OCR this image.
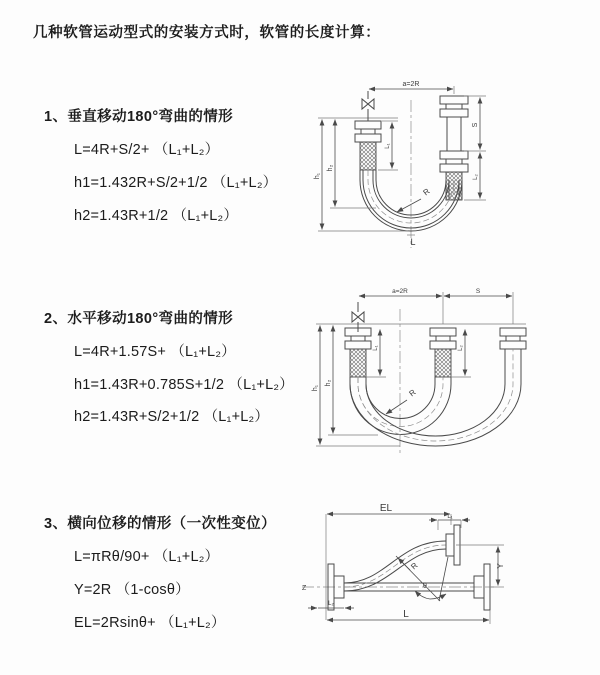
几种软管运动型式的安装方式时，软管的长度计算：
1、垂直移动180°弯曲的情形
L=4R+S/2+ （L₁+L₂）
h1=1.432R+S/2+1/2 （L₁+L₂）
h2=1.43R+1/2 （L₁+L₂）
a=2R
h₁
h₂
L₁
S
L₂
R
L
2、水平移动180°弯曲的情形
L=4R+1.57S+ （L₁+L₂）
h1=1.43R+0.785S+1/2 （L₁+L₂）
h2=1.43R+S/2+1/2 （L₁+L₂）
a=2R	S
h₁
h₂
L₁	L₂
R
3、横向位移的情形（一次性变位）
L=πRθ/90+ （L₁+L₂）
Y=2R （1-cosθ）
EL=2Rsinθ+ （L₁+L₂）
Z
EL
L₁
Y
θ
R
L
L₂
